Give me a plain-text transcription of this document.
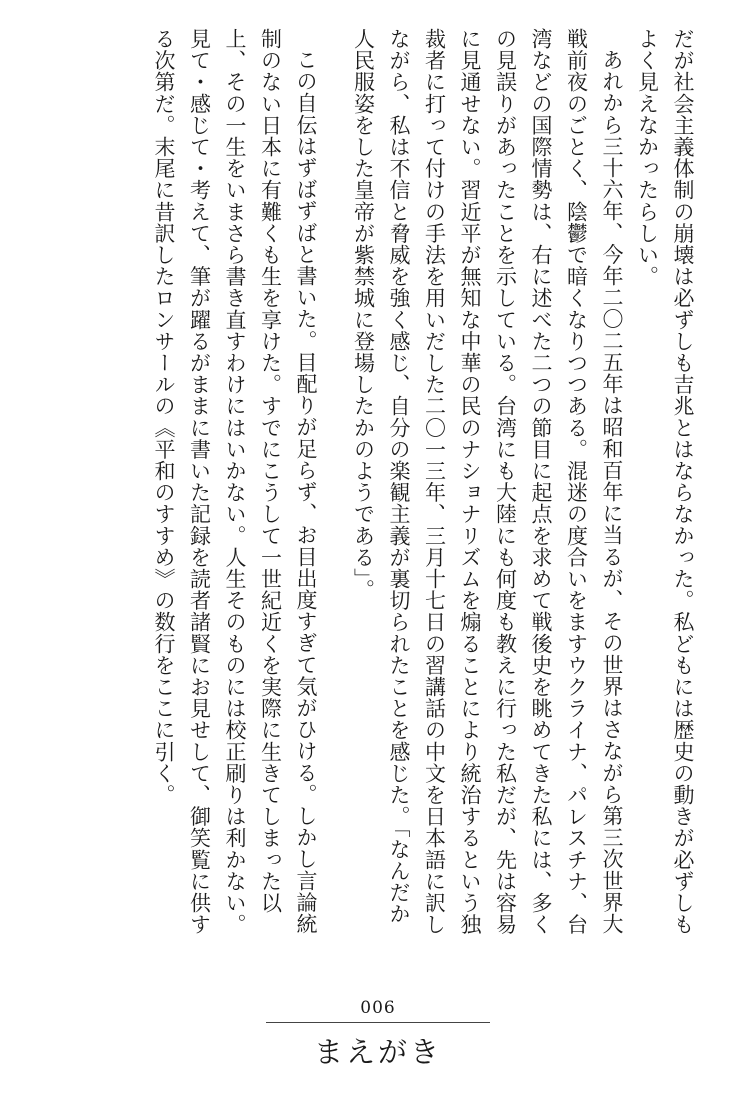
だが社会主義体制の崩壊は必ずしも吉兆とはならなかった。私どもには歴史の動きが必ずしもよく見えなかったらしい。

あれから三十六年、今年二〇二五年は昭和百年に当るが、その世界はさながら第三次世界大戦前夜のごとく、陰鬱で暗くなりつつある。混迷の度合いをますウクライナ、パレスチナ、台湾などの国際情勢は、右に述べた二つの節目に起点を求めて戦後史を眺めてきた私には、多くの見誤りがあったことを示している。台湾にも大陸にも何度も教えに行った私だが、先は容易に見通せない。習近平が無知な中華の民のナショナリズムを煽ることにより統治するという独裁者に打って付けの手法を用いだした二〇一三年、三月十七日の習講話の中文を日本語に訳しながら、私は不信と脅威を強く感じ、自分の楽観主義が裏切られたことを感じた。「なんだか人民服姿をした皇帝が紫禁城に登場したかのようである」。

この自伝はずばずばと書いた。目配りが足らず、お目出度すぎて気がひける。しかし言論統制のない日本に有難くも生を享けた。すでにこうして一世紀近くを実際に生きてしまった以上、その一生をいまさら書き直すわけにはいかない。人生そのものには校正刷りは利かない。見て・感じて・考えて、筆が躍るがままに書いた記録を読者諸賢にお見せして、御笑覧に供する次第だ。末尾に昔訳したロンサールの《平和のすすめ》の数行をここに引く。

006
まえがき
